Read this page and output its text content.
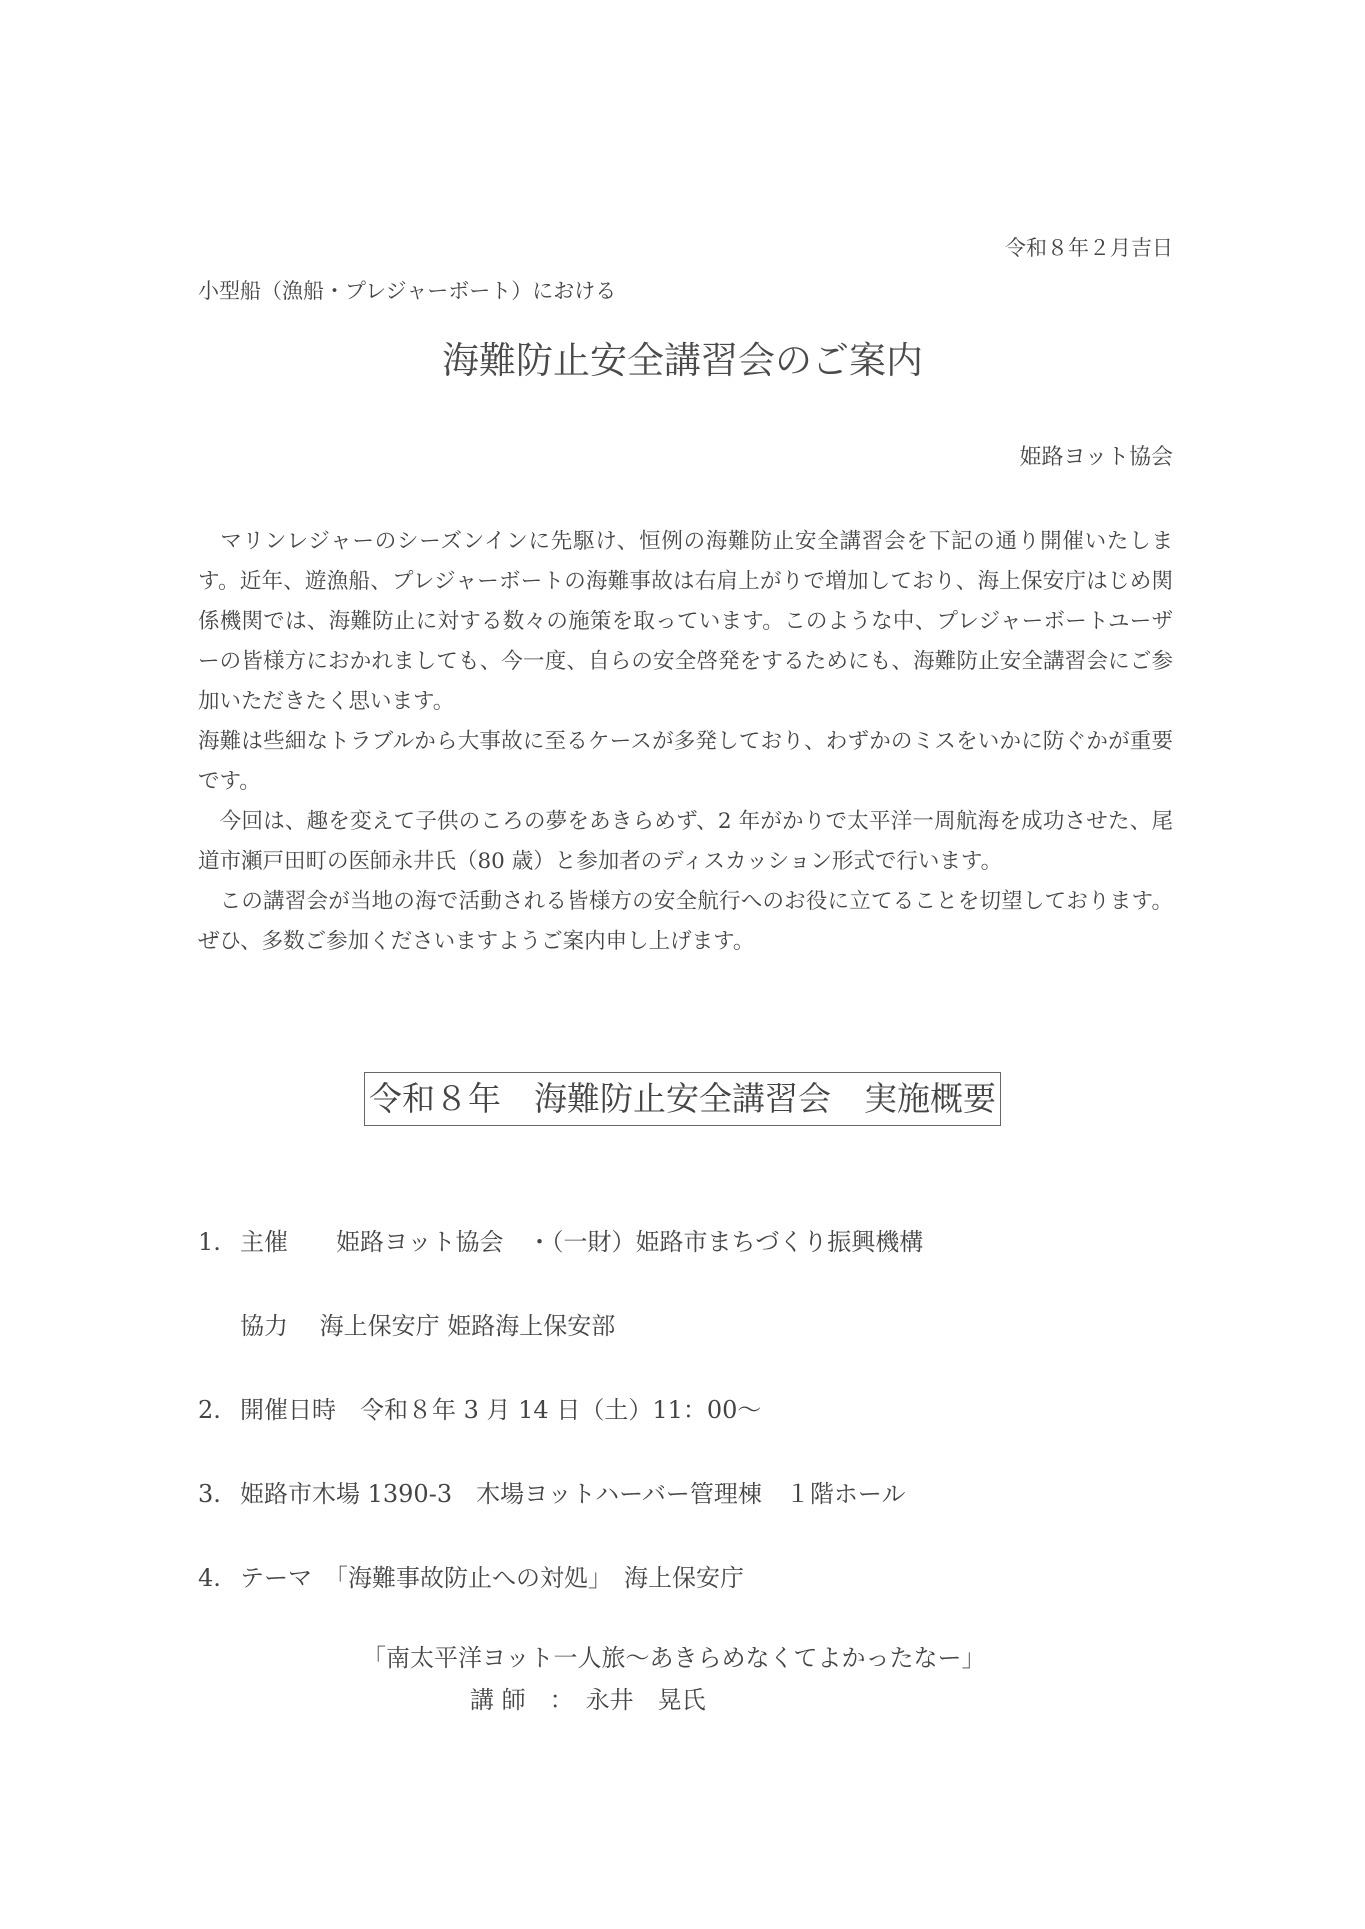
令和８年２月吉日
小型船（漁船・プレジャーボート）における
海難防止安全講習会のご案内
姫路ヨット協会

　マリンレジャーのシーズンインに先駆け、恒例の海難防止安全講習会を下記の通り開催いたします。近年、遊漁船、プレジャーボートの海難事故は右肩上がりで増加しており、海上保安庁はじめ関係機関では、海難防止に対する数々の施策を取っています。このような中、プレジャーボートユーザーの皆様方におかれましても、今一度、自らの安全啓発をするためにも、海難防止安全講習会にご参加いただきたく思います。

海難は些細なトラブルから大事故に至るケースが多発しており、わずかのミスをいかに防ぐかが重要です。

　今回は、趣を変えて子供のころの夢をあきらめず、2 年がかりで太平洋一周航海を成功させた、尾道市瀬戸田町の医師永井氏（80 歳）と参加者のディスカッション形式で行います。

　この講習会が当地の海で活動される皆様方の安全航行へのお役に立てることを切望しております。ぜひ、多数ご参加くださいますようご案内申し上げます。

令和８年　海難防止安全講習会　実施概要
1. 主催　　姫路ヨット協会　・（一財）姫路市まちづくり振興機構
協力　 海上保安庁 姫路海上保安部
2. 開催日時　令和８年 3 月 14 日（土）11：00～
3. 姫路市木場 1390‐3　木場ヨットハーバー管理棟　１階ホール
4. テーマ　「海難事故防止への対処」　海上保安庁
「南太平洋ヨット一人旅～あきらめなくてよかったなー」
講 師　：　永井　晃氏
